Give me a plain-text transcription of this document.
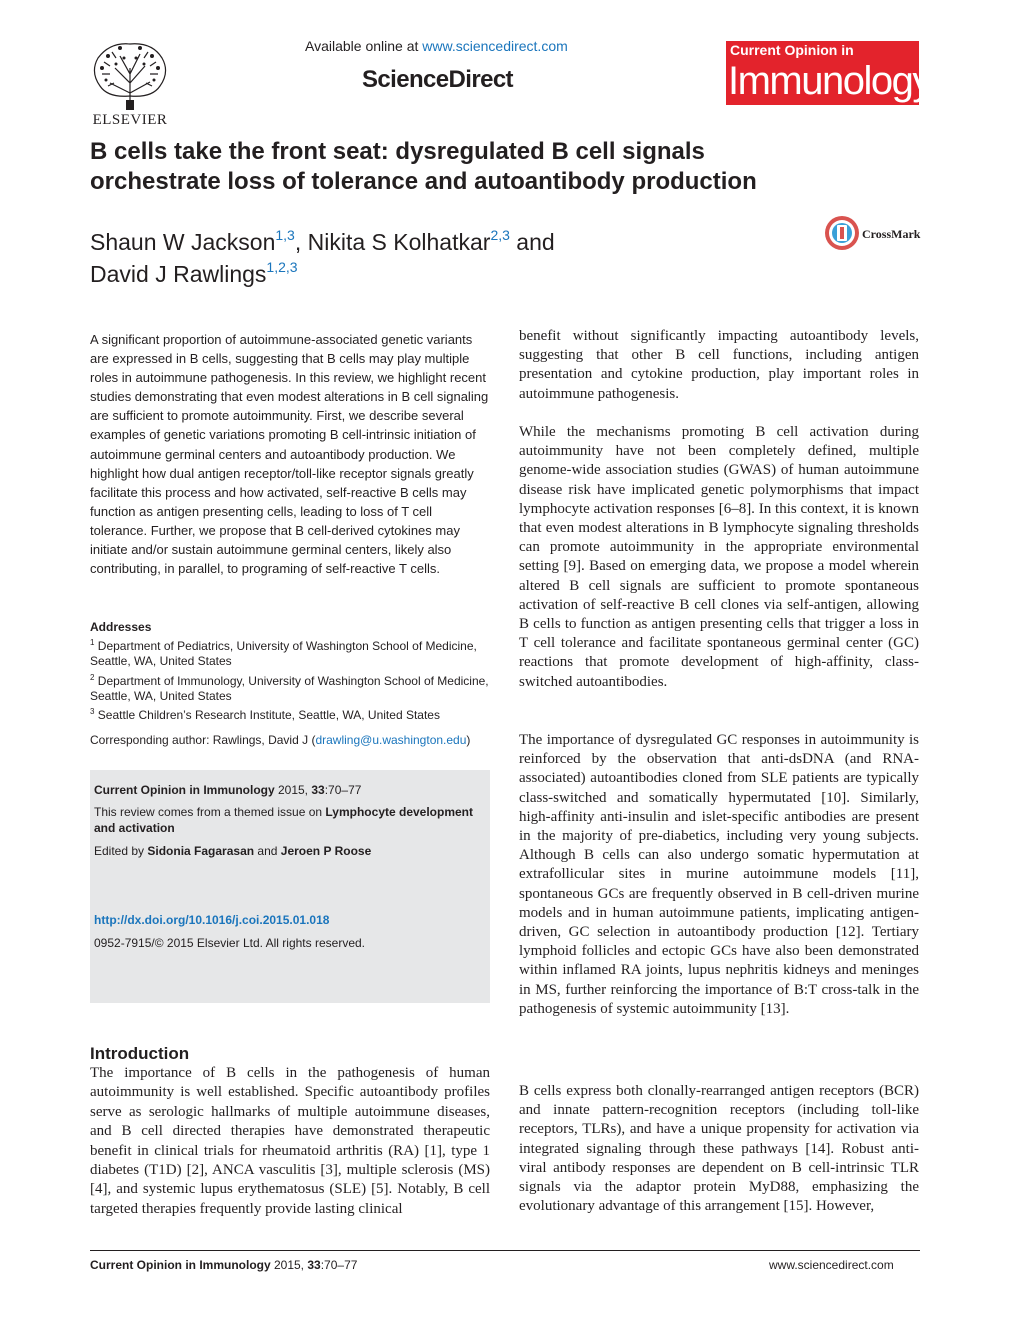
ELSEVIER
Available online at www.sciencedirect.com
ScienceDirect
Current Opinion in
Immunology
B cells take the front seat: dysregulated B cell signals orchestrate loss of tolerance and autoantibody production
Shaun W Jackson$^{1,3}$, Nikita S Kolhatkar$^{2,3}$ and
David J Rawlings$^{1,2,3}$
CrossMark
A significant proportion of autoimmune-associated genetic variants are expressed in B cells, suggesting that B cells may play multiple roles in autoimmune pathogenesis. In this review, we highlight recent studies demonstrating that even modest alterations in B cell signaling are sufficient to promote autoimmunity. First, we describe several examples of genetic variations promoting B cell-intrinsic initiation of autoimmune germinal centers and autoantibody production. We highlight how dual antigen receptor/toll-like receptor signals greatly facilitate this process and how activated, self-reactive B cells may function as antigen presenting cells, leading to loss of T cell tolerance. Further, we propose that B cell-derived cytokines may initiate and/or sustain autoimmune germinal centers, likely also contributing, in parallel, to programing of self-reactive T cells.
Addresses
$^1$ Department of Pediatrics, University of Washington School of Medicine, Seattle, WA, United States
$^2$ Department of Immunology, University of Washington School of Medicine, Seattle, WA, United States
$^3$ Seattle Children’s Research Institute, Seattle, WA, United States
Corresponding author: Rawlings, David J (drawling@u.washington.edu)
Current Opinion in Immunology 2015, 33:70–77
This review comes from a themed issue on Lymphocyte development and activation
Edited by Sidonia Fagarasan and Jeroen P Roose
http://dx.doi.org/10.1016/j.coi.2015.01.018
0952-7915/© 2015 Elsevier Ltd. All rights reserved.
Introduction
The importance of B cells in the pathogenesis of human autoimmunity is well established. Specific autoantibody profiles serve as serologic hallmarks of multiple autoimmune diseases, and B cell directed therapies have demonstrated therapeutic benefit in clinical trials for rheumatoid arthritis (RA) [1], type 1 diabetes (T1D) [2], ANCA vasculitis [3], multiple sclerosis (MS) [4], and systemic lupus erythematosus (SLE) [5]. Notably, B cell targeted therapies frequently provide lasting clinical
benefit without significantly impacting autoantibody levels, suggesting that other B cell functions, including antigen presentation and cytokine production, play important roles in autoimmune pathogenesis.
While the mechanisms promoting B cell activation during autoimmunity have not been completely defined, multiple genome-wide association studies (GWAS) of human autoimmune disease risk have implicated genetic polymorphisms that impact lymphocyte activation responses [6–8]. In this context, it is known that even modest alterations in B lymphocyte signaling thresholds can promote autoimmunity in the appropriate environmental setting [9]. Based on emerging data, we propose a model wherein altered B cell signals are sufficient to promote spontaneous activation of self-reactive B cell clones via self-antigen, allowing B cells to function as antigen presenting cells that trigger a loss in T cell tolerance and facilitate spontaneous germinal center (GC) reactions that promote development of high-affinity, class-switched autoantibodies.
The importance of dysregulated GC responses in autoimmunity is reinforced by the observation that anti-dsDNA (and RNA-associated) autoantibodies cloned from SLE patients are typically class-switched and somatically hypermutated [10]. Similarly, high-affinity anti-insulin and islet-specific antibodies are present in the majority of pre-diabetics, including very young subjects. Although B cells can also undergo somatic hypermutation at extrafollicular sites in murine autoimmune models [11], spontaneous GCs are frequently observed in B cell-driven murine models and in human autoimmune patients, implicating antigen-driven, GC selection in autoantibody production [12]. Tertiary lymphoid follicles and ectopic GCs have also been demonstrated within inflamed RA joints, lupus nephritis kidneys and meninges in MS, further reinforcing the importance of B:T cross-talk in the pathogenesis of systemic autoimmunity [13].
B cells express both clonally-rearranged antigen receptors (BCR) and innate pattern-recognition receptors (including toll-like receptors, TLRs), and have a unique propensity for activation via integrated signaling through these pathways [14]. Robust anti-viral antibody responses are dependent on B cell-intrinsic TLR signals via the adaptor protein MyD88, emphasizing the evolutionary advantage of this arrangement [15]. However,
Current Opinion in Immunology 2015, 33:70–77	www.sciencedirect.com
